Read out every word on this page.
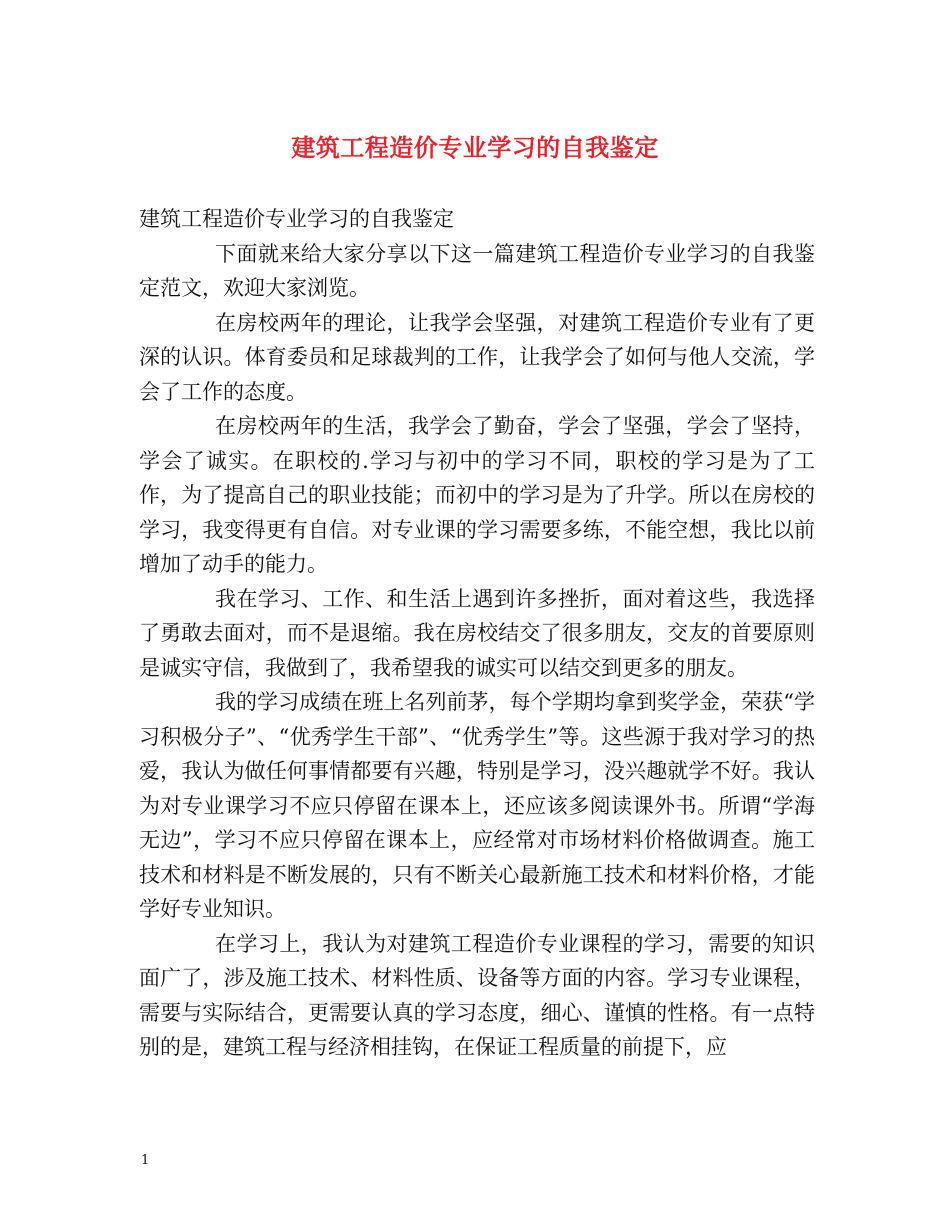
建筑工程造价专业学习的自我鉴定

建筑工程造价专业学习的自我鉴定

下面就来给大家分享以下这一篇建筑工程造价专业学习的自我鉴定范文，欢迎大家浏览。

在房校两年的理论，让我学会坚强，对建筑工程造价专业有了更深的认识。体育委员和足球裁判的工作，让我学会了如何与他人交流，学会了工作的态度。

在房校两年的生活，我学会了勤奋，学会了坚强，学会了坚持，学会了诚实。在职校的.学习与初中的学习不同，职校的学习是为了工作，为了提高自己的职业技能；而初中的学习是为了升学。所以在房校的学习，我变得更有自信。对专业课的学习需要多练，不能空想，我比以前增加了动手的能力。

我在学习、工作、和生活上遇到许多挫折，面对着这些，我选择了勇敢去面对，而不是退缩。我在房校结交了很多朋友，交友的首要原则是诚实守信，我做到了，我希望我的诚实可以结交到更多的朋友。

我的学习成绩在班上名列前茅，每个学期均拿到奖学金，荣获“学习积极分子”、“优秀学生干部”、“优秀学生”等。这些源于我对学习的热爱，我认为做任何事情都要有兴趣，特别是学习，没兴趣就学不好。我认为对专业课学习不应只停留在课本上，还应该多阅读课外书。所谓“学海无边”，学习不应只停留在课本上，应经常对市场材料价格做调查。施工技术和材料是不断发展的，只有不断关心最新施工技术和材料价格，才能学好专业知识。

在学习上，我认为对建筑工程造价专业课程的学习，需要的知识面广了，涉及施工技术、材料性质、设备等方面的内容。学习专业课程，需要与实际结合，更需要认真的学习态度，细心、谨慎的性格。有一点特别的是，建筑工程与经济相挂钩，在保证工程质量的前提下，应

1
